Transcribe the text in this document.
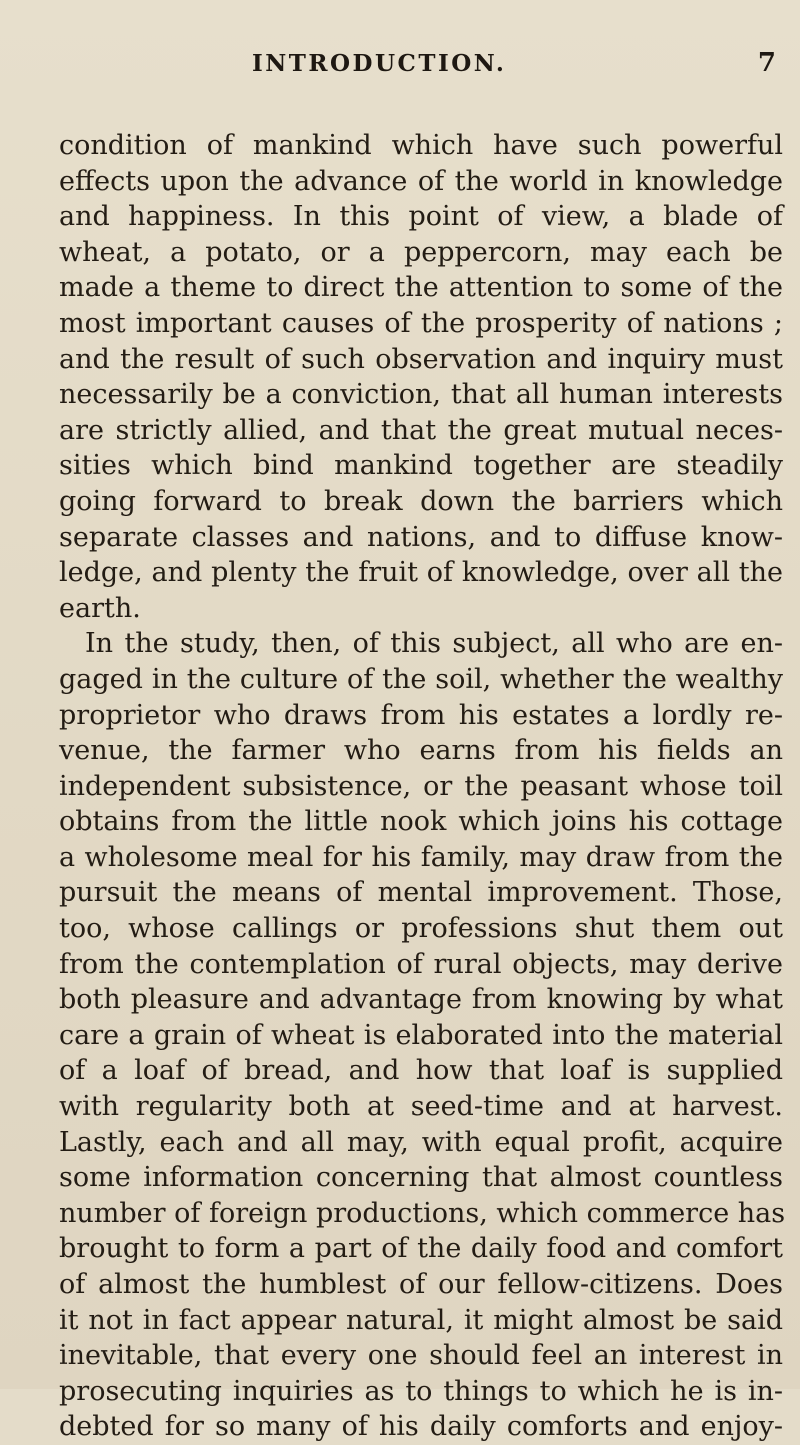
INTRODUCTION.	7
condition of mankind which have such powerful
effects upon the advance of the world in knowledge
and happiness. In this point of view, a blade of
wheat, a potato, or a peppercorn, may each be
made a theme to direct the attention to some of the
most important causes of the prosperity of nations ;
and the result of such observation and inquiry must
necessarily be a conviction, that all human interests
are strictly allied, and that the great mutual neces-
sities which bind mankind together are steadily
going forward to break down the barriers which
separate classes and nations, and to diffuse know-
ledge, and plenty the fruit of knowledge, over all the
earth.
In the study, then, of this subject, all who are en-
gaged in the culture of the soil, whether the wealthy
proprietor who draws from his estates a lordly re-
venue, the farmer who earns from his fields an
independent subsistence, or the peasant whose toil
obtains from the little nook which joins his cottage
a wholesome meal for his family, may draw from the
pursuit the means of mental improvement. Those,
too, whose callings or professions shut them out
from the contemplation of rural objects, may derive
both pleasure and advantage from knowing by what
care a grain of wheat is elaborated into the material
of a loaf of bread, and how that loaf is supplied
with regularity both at seed-time and at harvest.
Lastly, each and all may, with equal profit, acquire
some information concerning that almost countless
number of foreign productions, which commerce has
brought to form a part of the daily food and comfort
of almost the humblest of our fellow-citizens. Does
it not in fact appear natural, it might almost be said
inevitable, that every one should feel an interest in
prosecuting inquiries as to things to which he is in-
debted for so many of his daily comforts and enjoy-
